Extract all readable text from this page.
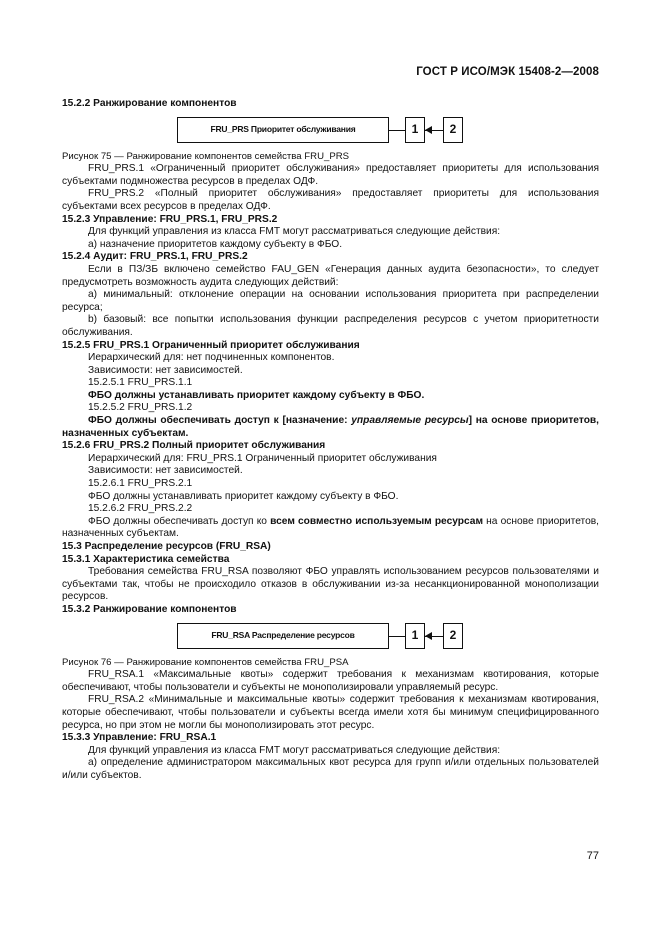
ГОСТ Р ИСО/МЭК 15408-2—2008

15.2.2 Ранжирование компонентов

FRU_PRS Приоритет обслуживания	1	2

Рисунок 75 — Ранжирование компонентов семейства FRU_PRS

FRU_PRS.1 «Ограниченный приоритет обслуживания» предоставляет приоритеты для использования субъектами подмножества ресурсов в пределах ОДФ.

FRU_PRS.2 «Полный приоритет обслуживания» предоставляет приоритеты для использования субъектами всех ресурсов в пределах ОДФ.

15.2.3 Управление: FRU_PRS.1, FRU_PRS.2

Для функций управления из класса FMT могут рассматриваться следующие действия:

а) назначение приоритетов каждому субъекту в ФБО.

15.2.4 Аудит: FRU_PRS.1, FRU_PRS.2

Если в ПЗ/ЗБ включено семейство FAU_GEN «Генерация данных аудита безопасности», то следует предусмотреть возможность аудита следующих действий:

а) минимальный: отклонение операции на основании использования приоритета при распределении ресурса;

b) базовый: все попытки использования функции распределения ресурсов с учетом приоритетности обслуживания.

15.2.5 FRU_PRS.1 Ограниченный приоритет обслуживания

Иерархический для: нет подчиненных компонентов.

Зависимости: нет зависимостей.

15.2.5.1 FRU_PRS.1.1

ФБО должны устанавливать приоритет каждому субъекту в ФБО.

15.2.5.2 FRU_PRS.1.2

ФБО должны обеспечивать доступ к [назначение: управляемые ресурсы] на основе приоритетов, назначенных субъектам.

15.2.6 FRU_PRS.2 Полный приоритет обслуживания

Иерархический для: FRU_PRS.1 Ограниченный приоритет обслуживания

Зависимости: нет зависимостей.

15.2.6.1 FRU_PRS.2.1

ФБО должны устанавливать приоритет каждому субъекту в ФБО.

15.2.6.2 FRU_PRS.2.2

ФБО должны обеспечивать доступ ко всем совместно используемым ресурсам на основе приоритетов, назначенных субъектам.

15.3 Распределение ресурсов (FRU_RSA)

15.3.1 Характеристика семейства

Требования семейства FRU_RSA позволяют ФБО управлять использованием ресурсов пользователями и субъектами так, чтобы не происходило отказов в обслуживании из-за несанкционированной монополизации ресурсов.

15.3.2 Ранжирование компонентов

FRU_RSA Распределение ресурсов	1	2

Рисунок 76 — Ранжирование компонентов семейства FRU_PSA

FRU_RSA.1 «Максимальные квоты» содержит требования к механизмам квотирования, которые обеспечивают, чтобы пользователи и субъекты не монополизировали управляемый ресурс.

FRU_RSA.2 «Минимальные и максимальные квоты» содержит требования к механизмам квотирования, которые обеспечивают, чтобы пользователи и субъекты всегда имели хотя бы минимум специфицированного ресурса, но при этом не могли бы монополизировать этот ресурс.

15.3.3 Управление: FRU_RSA.1

Для функций управления из класса FMT могут рассматриваться следующие действия:

а) определение администратором максимальных квот ресурса для групп и/или отдельных пользователей и/или субъектов.

77
